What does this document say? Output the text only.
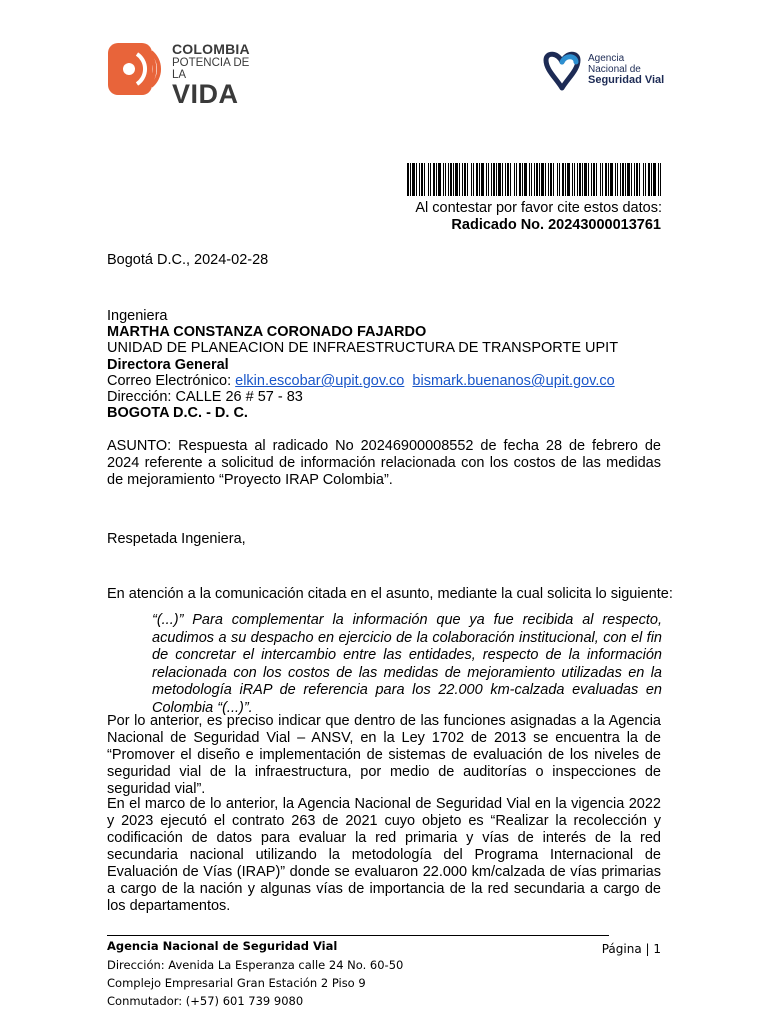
COLOMBIA
POTENCIA DE LA
VIDA
Agencia
Nacional de
Seguridad Vial
Al contestar por favor cite estos datos:
Radicado No. 20243000013761
Bogotá D.C., 2024-02-28
Ingeniera
MARTHA CONSTANZA CORONADO FAJARDO
UNIDAD DE PLANEACION DE INFRAESTRUCTURA DE TRANSPORTE UPIT
Directora General
Correo Electrónico: elkin.escobar@upit.gov.co bismark.buenanos@upit.gov.co
Dirección: CALLE 26 # 57 - 83
BOGOTA D.C. - D. C.
ASUNTO: Respuesta al radicado No 20246900008552 de fecha 28 de febrero de 2024 referente a solicitud de información relacionada con los costos de las medidas de mejoramiento “Proyecto IRAP Colombia”.
Respetada Ingeniera,
En atención a la comunicación citada en el asunto, mediante la cual solicita lo siguiente:
“(...)” Para complementar la información que ya fue recibida al respecto, acudimos a su despacho en ejercicio de la colaboración institucional, con el fin de concretar el intercambio entre las entidades, respecto de la información relacionada con los costos de las medidas de mejoramiento utilizadas en la metodología iRAP de referencia para los 22.000 km-calzada evaluadas en Colombia “(...)”.
Por lo anterior, es preciso indicar que dentro de las funciones asignadas a la Agencia Nacional de Seguridad Vial – ANSV, en la Ley 1702 de 2013 se encuentra la de “Promover el diseño e implementación de sistemas de evaluación de los niveles de seguridad vial de la infraestructura, por medio de auditorías o inspecciones de seguridad vial”.
En el marco de lo anterior, la Agencia Nacional de Seguridad Vial en la vigencia 2022 y 2023 ejecutó el contrato 263 de 2021 cuyo objeto es “Realizar la recolección y codificación de datos para evaluar la red primaria y vías de interés de la red secundaria nacional utilizando la metodología del Programa Internacional de Evaluación de Vías (IRAP)” donde se evaluaron 22.000 km/calzada de vías primarias a cargo de la nación y algunas vías de importancia de la red secundaria a cargo de los departamentos.
Agencia Nacional de Seguridad Vial	Página | 1
Dirección: Avenida La Esperanza calle 24 No. 60-50
Complejo Empresarial Gran Estación 2 Piso 9
Conmutador: (+57) 601 739 9080
